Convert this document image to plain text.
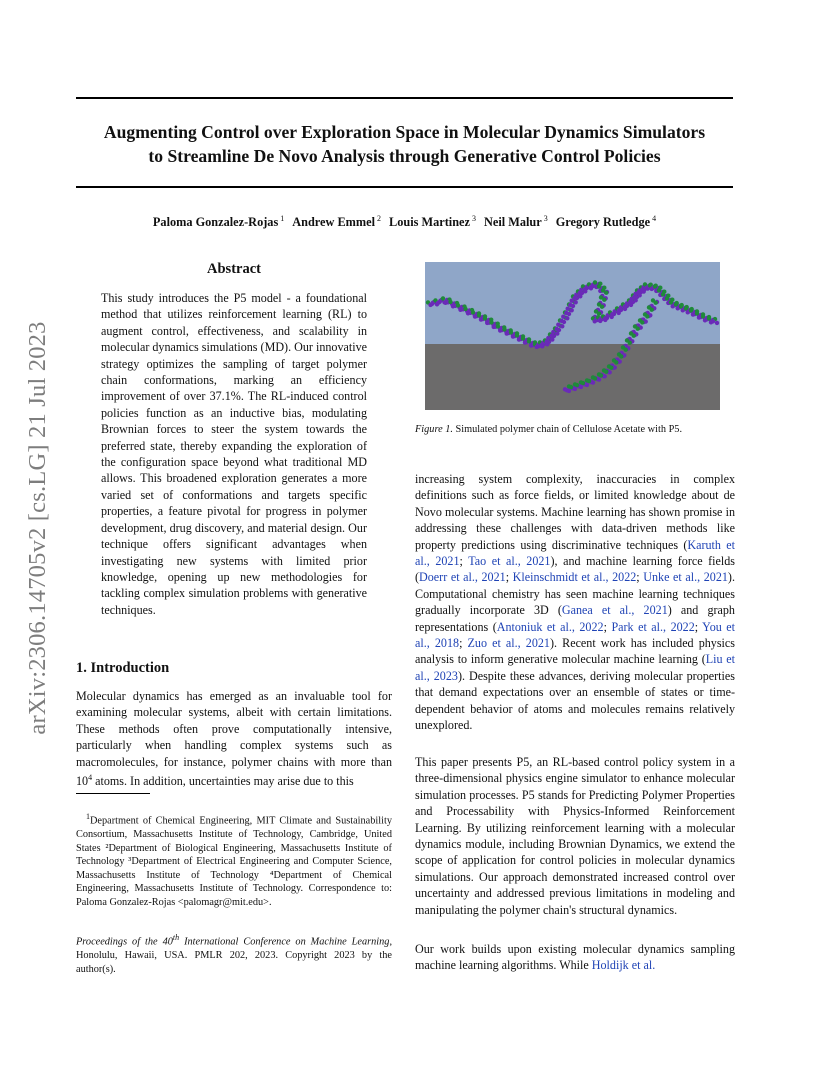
Augmenting Control over Exploration Space in Molecular Dynamics Simulators
to Streamline De Novo Analysis through Generative Control Policies
Paloma Gonzalez-Rojas $^1$ Andrew Emmel $^2$ Louis Martinez $^3$ Neil Malur $^3$ Gregory Rutledge $^4$
arXiv:2306.14705v2 [cs.LG] 21 Jul 2023
Abstract

This study introduces the P5 model - a foundational method that utilizes reinforcement learning (RL) to augment control, effectiveness, and scalability in molecular dynamics simulations (MD). Our innovative strategy optimizes the sampling of target polymer chain conformations, marking an efficiency improvement of over 37.1%. The RL-induced control policies function as an inductive bias, modulating Brownian forces to steer the system towards the preferred state, thereby expanding the exploration of the configuration space beyond what traditional MD allows. This broadened exploration generates a more varied set of conformations and targets specific properties, a feature pivotal for progress in polymer development, drug discovery, and material design. Our technique offers significant advantages when investigating new systems with limited prior knowledge, opening up new methodologies for tackling complex simulation problems with generative techniques.

1. Introduction

Molecular dynamics has emerged as an invaluable tool for examining molecular systems, albeit with certain limitations. These methods often prove computationally intensive, particularly when handling complex systems such as macromolecules, for instance, polymer chains with more than $10^4$ atoms. In addition, uncertainties may arise due to this

$^1$Department of Chemical Engineering, MIT Climate and Sustainability Consortium, Massachusetts Institute of Technology, Cambridge, United States ²Department of Biological Engineering, Massachusetts Institute of Technology ³Department of Electrical Engineering and Computer Science, Massachusetts Institute of Technology ⁴Department of Chemical Engineering, Massachusetts Institute of Technology. Correspondence to: Paloma Gonzalez-Rojas <palomagr@mit.edu>.
Proceedings of the 40th International Conference on Machine Learning, Honolulu, Hawaii, USA. PMLR 202, 2023. Copyright 2023 by the author(s).
Figure 1. Simulated polymer chain of Cellulose Acetate with P5.

increasing system complexity, inaccuracies in complex definitions such as force fields, or limited knowledge about de Novo molecular systems. Machine learning has shown promise in addressing these challenges with data-driven methods like property predictions using discriminative techniques (Karuth et al., 2021; Tao et al., 2021), and machine learning force fields (Doerr et al., 2021; Kleinschmidt et al., 2022; Unke et al., 2021). Computational chemistry has seen machine learning techniques gradually incorporate 3D (Ganea et al., 2021) and graph representations (Antoniuk et al., 2022; Park et al., 2022; You et al., 2018; Zuo et al., 2021). Recent work has included physics analysis to inform generative molecular machine learning (Liu et al., 2023). Despite these advances, deriving molecular properties that demand expectations over an ensemble of states or time-dependent behavior of atoms and molecules remains relatively unexplored.

This paper presents P5, an RL-based control policy system in a three-dimensional physics engine simulator to enhance molecular simulation processes. P5 stands for Predicting Polymer Properties and Processability with Physics-Informed Reinforcement Learning. By utilizing reinforcement learning with a molecular dynamics module, including Brownian Dynamics, we extend the scope of application for control policies in molecular dynamics simulations. Our approach demonstrated increased control over uncertainty and addressed previous limitations in modeling and manipulating the polymer chain's structural dynamics.

Our work builds upon existing molecular dynamics sampling machine learning algorithms. While Holdijk et al.
